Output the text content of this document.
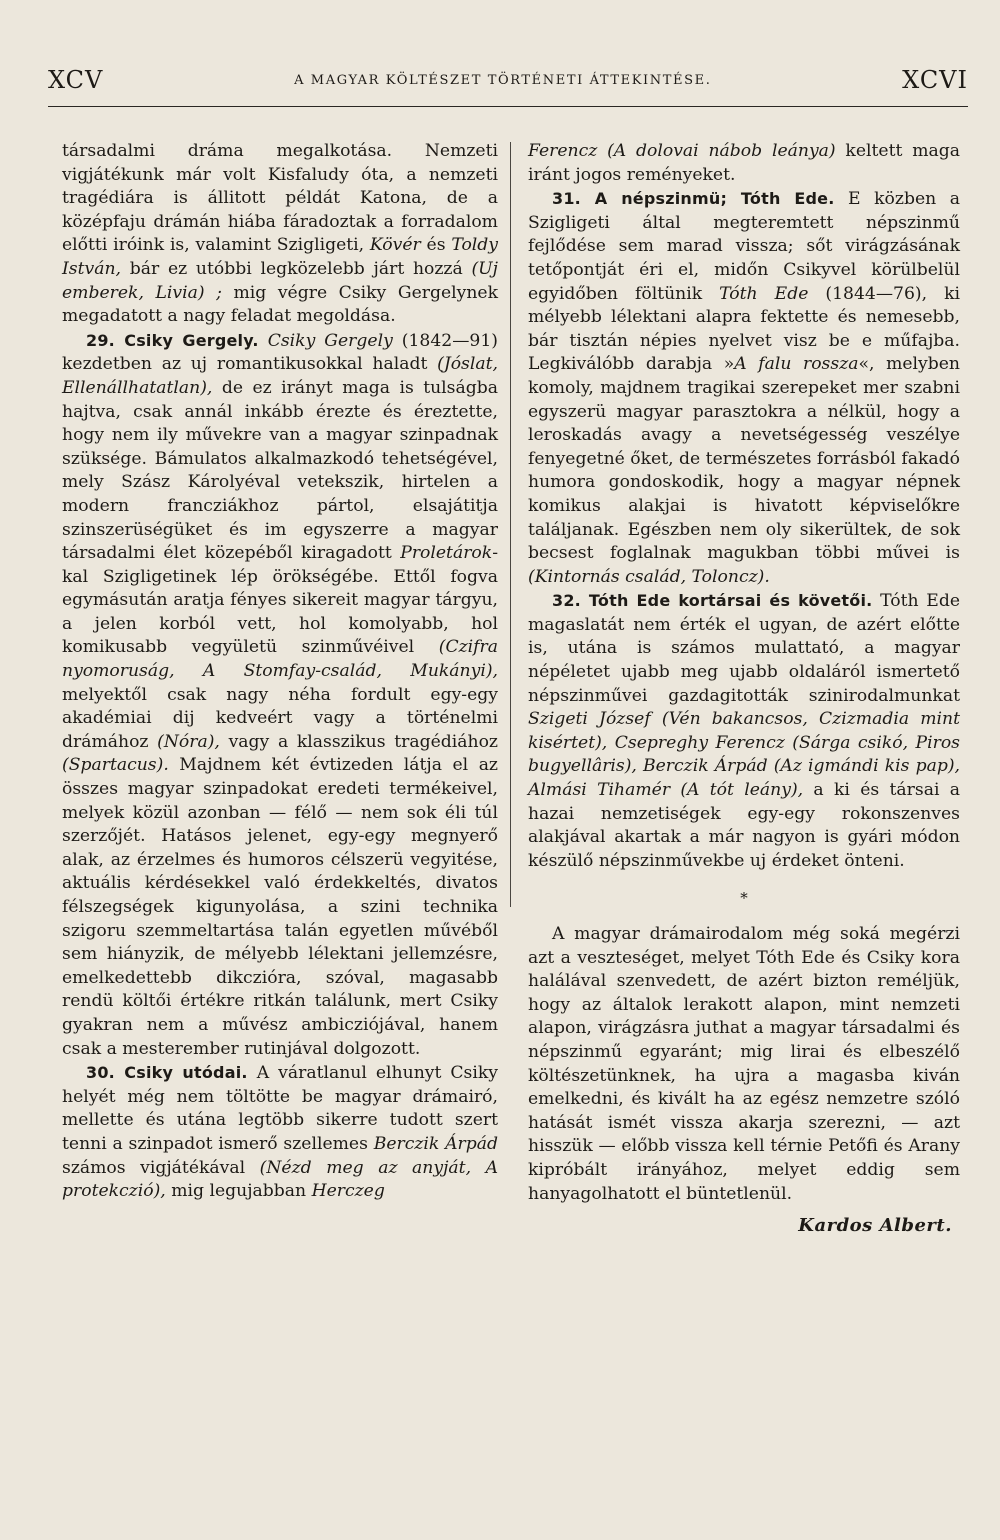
XCV	A MAGYAR KÖLTÉSZET TÖRTÉNETI ÁTTEKINTÉSE.	XCVI

társadalmi dráma megalkotása. Nemzeti vigjátékunk már volt Kisfaludy óta, a nemzeti tragédiára is állitott példát Katona, de a középfaju drámán hiába fáradoztak a forradalom előtti iróink is, valamint Szigligeti, Kövér és Toldy István, bár ez utóbbi legközelebb járt hozzá (Uj emberek, Livia) ; mig végre Csiky Gergelynek megadatott a nagy feladat megoldása.

29. Csiky Gergely. Csiky Gergely (1842—91) kezdetben az uj romantikusokkal haladt (Jóslat, Ellenállhatatlan), de ez irányt maga is tulságba hajtva, csak annál inkább érezte és éreztette, hogy nem ily művekre van a magyar szinpadnak szüksége. Bámulatos alkalmazkodó tehetségével, mely Szász Károlyéval vetekszik, hirtelen a modern francziákhoz pártol, elsajátitja szinszerüségüket és im egyszerre a magyar társadalmi élet közepéből kiragadott Proletárok-kal Szigligetinek lép örökségébe. Ettől fogva egymásután aratja fényes sikereit magyar tárgyu, a jelen korból vett, hol komolyabb, hol komikusabb vegyületü szinművéivel (Czifra nyomoruság, A Stomfay-család, Mukányi), melyektől csak nagy néha fordult egy-egy akadémiai dij kedveért vagy a történelmi drámához (Nóra), vagy a klasszikus tragédiához (Spartacus). Majdnem két évtizeden látja el az összes magyar szinpadokat eredeti termékeivel, melyek közül azonban — félő — nem sok éli túl szerzőjét. Hatásos jelenet, egy-egy megnyerő alak, az érzelmes és humoros célszerü vegyitése, aktuális kérdésekkel való érdekkeltés, divatos félszegségek kigunyolása, a szini technika szigoru szemmeltartása talán egyetlen művéből sem hiányzik, de mélyebb lélektani jellemzésre, emelkedettebb dikczióra, szóval, magasabb rendü költői értékre ritkán találunk, mert Csiky gyakran nem a művész ambicziójával, hanem csak a mesterember rutinjával dolgozott.

30. Csiky utódai. A váratlanul elhunyt Csiky helyét még nem töltötte be magyar drámairó, mellette és utána legtöbb sikerre tudott szert tenni a szinpadot ismerő szellemes Berczik Árpád számos vigjátékával (Nézd meg az anyját, A protekczió), mig legujabban Herczeg

Ferencz (A dolovai nábob leánya) keltett maga iránt jogos reményeket.

31. A népszinmü; Tóth Ede. E közben a Szigligeti által megteremtett népszinmű fejlődése sem marad vissza; sőt virágzásának tetőpontját éri el, midőn Csikyvel körülbelül egyidőben föltünik Tóth Ede (1844—76), ki mélyebb lélektani alapra fektette és nemesebb, bár tisztán népies nyelvet visz be e műfajba. Legkiválóbb darabja »A falu rossza«, melyben komoly, majdnem tragikai szerepeket mer szabni egyszerü magyar parasztokra a nélkül, hogy a leroskadás avagy a nevetségesség veszélye fenyegetné őket, de természetes forrásból fakadó humora gondoskodik, hogy a magyar népnek komikus alakjai is hivatott képviselőkre találjanak. Egészben nem oly sikerültek, de sok becsest foglalnak magukban többi művei is (Kintornás család, Toloncz).

32. Tóth Ede kortársai és követői. Tóth Ede magaslatát nem érték el ugyan, de azért előtte is, utána is számos mulattató, a magyar népéletet ujabb meg ujabb oldaláról ismertető népszinművei gazdagitották szinirodalmunkat Szigeti József (Vén bakancsos, Czizmadia mint kisértet), Csepreghy Ferencz (Sárga csikó, Piros bugyellâris), Berczik Árpád (Az igmándi kis pap), Almási Tihamér (A tót leány), a ki és társai a hazai nemzetiségek egy-egy rokonszenves alakjával akartak a már nagyon is gyári módon készülő népszinművekbe uj érdeket önteni.

*

A magyar drámairodalom még soká megérzi azt a veszteséget, melyet Tóth Ede és Csiky kora halálával szenvedett, de azért bizton reméljük, hogy az általok lerakott alapon, mint nemzeti alapon, virágzásra juthat a magyar társadalmi és népszinmű egyaránt; mig lirai és elbeszélő költészetünknek, ha ujra a magasba kiván emelkedni, és kivált ha az egész nemzetre szóló hatását ismét vissza akarja szerezni, — azt hisszük — előbb vissza kell térnie Petőfi és Arany kipróbált irányához, melyet eddig sem hanyagolhatott el büntetlenül.

Kardos Albert.
